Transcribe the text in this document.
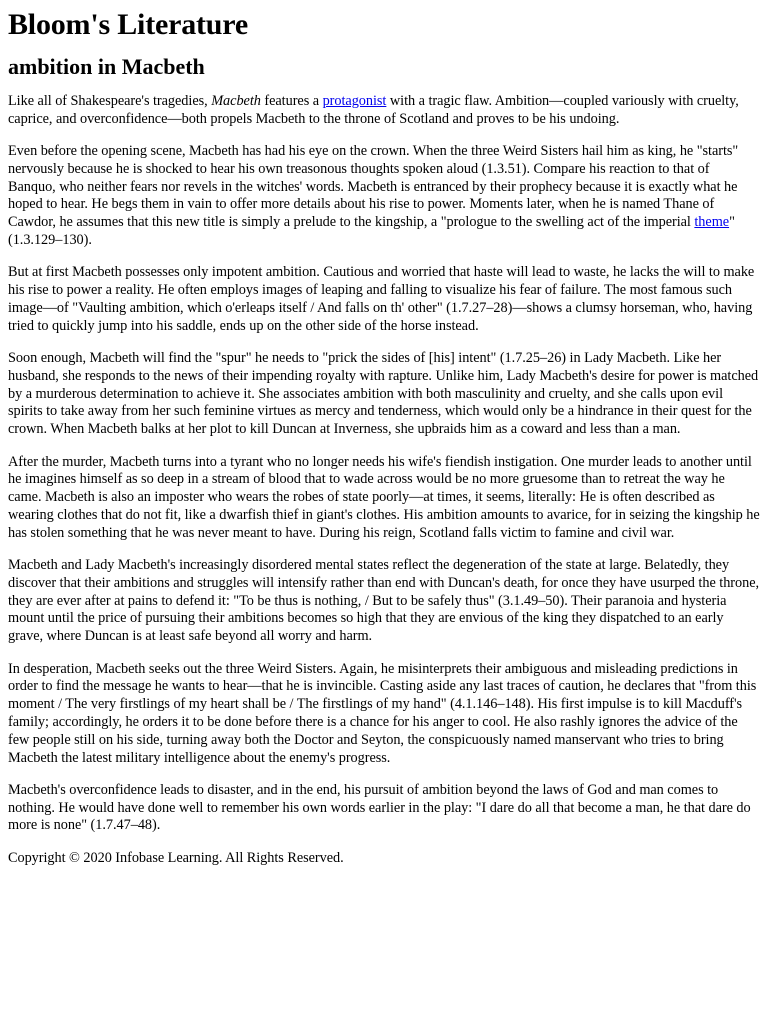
Bloom's Literature
ambition in Macbeth

Like all of Shakespeare's tragedies, Macbeth features a protagonist with a tragic flaw. Ambition—coupled variously with cruelty, caprice, and overconfidence—both propels Macbeth to the throne of Scotland and proves to be his undoing.

Even before the opening scene, Macbeth has had his eye on the crown. When the three Weird Sisters hail him as king, he "starts" nervously because he is shocked to hear his own treasonous thoughts spoken aloud (1.3.51). Compare his reaction to that of Banquo, who neither fears nor revels in the witches' words. Macbeth is entranced by their prophecy because it is exactly what he hoped to hear. He begs them in vain to offer more details about his rise to power. Moments later, when he is named Thane of Cawdor, he assumes that this new title is simply a prelude to the kingship, a "prologue to the swelling act of the imperial theme" (1.3.129–130).

But at first Macbeth possesses only impotent ambition. Cautious and worried that haste will lead to waste, he lacks the will to make his rise to power a reality. He often employs images of leaping and falling to visualize his fear of failure. The most famous such image—of "Vaulting ambition, which o'erleaps itself / And falls on th' other" (1.7.27–28)—shows a clumsy horseman, who, having tried to quickly jump into his saddle, ends up on the other side of the horse instead.

Soon enough, Macbeth will find the "spur" he needs to "prick the sides of [his] intent" (1.7.25–26) in Lady Macbeth. Like her husband, she responds to the news of their impending royalty with rapture. Unlike him, Lady Macbeth's desire for power is matched by a murderous determination to achieve it. She associates ambition with both masculinity and cruelty, and she calls upon evil spirits to take away from her such feminine virtues as mercy and tenderness, which would only be a hindrance in their quest for the crown. When Macbeth balks at her plot to kill Duncan at Inverness, she upbraids him as a coward and less than a man.

After the murder, Macbeth turns into a tyrant who no longer needs his wife's fiendish instigation. One murder leads to another until he imagines himself as so deep in a stream of blood that to wade across would be no more gruesome than to retreat the way he came. Macbeth is also an imposter who wears the robes of state poorly—at times, it seems, literally: He is often described as wearing clothes that do not fit, like a dwarfish thief in giant's clothes. His ambition amounts to avarice, for in seizing the kingship he has stolen something that he was never meant to have. During his reign, Scotland falls victim to famine and civil war.

Macbeth and Lady Macbeth's increasingly disordered mental states reflect the degeneration of the state at large. Belatedly, they discover that their ambitions and struggles will intensify rather than end with Duncan's death, for once they have usurped the throne, they are ever after at pains to defend it: "To be thus is nothing, / But to be safely thus" (3.1.49–50). Their paranoia and hysteria mount until the price of pursuing their ambitions becomes so high that they are envious of the king they dispatched to an early grave, where Duncan is at least safe beyond all worry and harm.

In desperation, Macbeth seeks out the three Weird Sisters. Again, he misinterprets their ambiguous and misleading predictions in order to find the message he wants to hear—that he is invincible. Casting aside any last traces of caution, he declares that "from this moment / The very firstlings of my heart shall be / The firstlings of my hand" (4.1.146–148). His first impulse is to kill Macduff's family; accordingly, he orders it to be done before there is a chance for his anger to cool. He also rashly ignores the advice of the few people still on his side, turning away both the Doctor and Seyton, the conspicuously named manservant who tries to bring Macbeth the latest military intelligence about the enemy's progress.

Macbeth's overconfidence leads to disaster, and in the end, his pursuit of ambition beyond the laws of God and man comes to nothing. He would have done well to remember his own words earlier in the play: "I dare do all that become a man, he that dare do more is none" (1.7.47–48).

Copyright © 2020 Infobase Learning. All Rights Reserved.
